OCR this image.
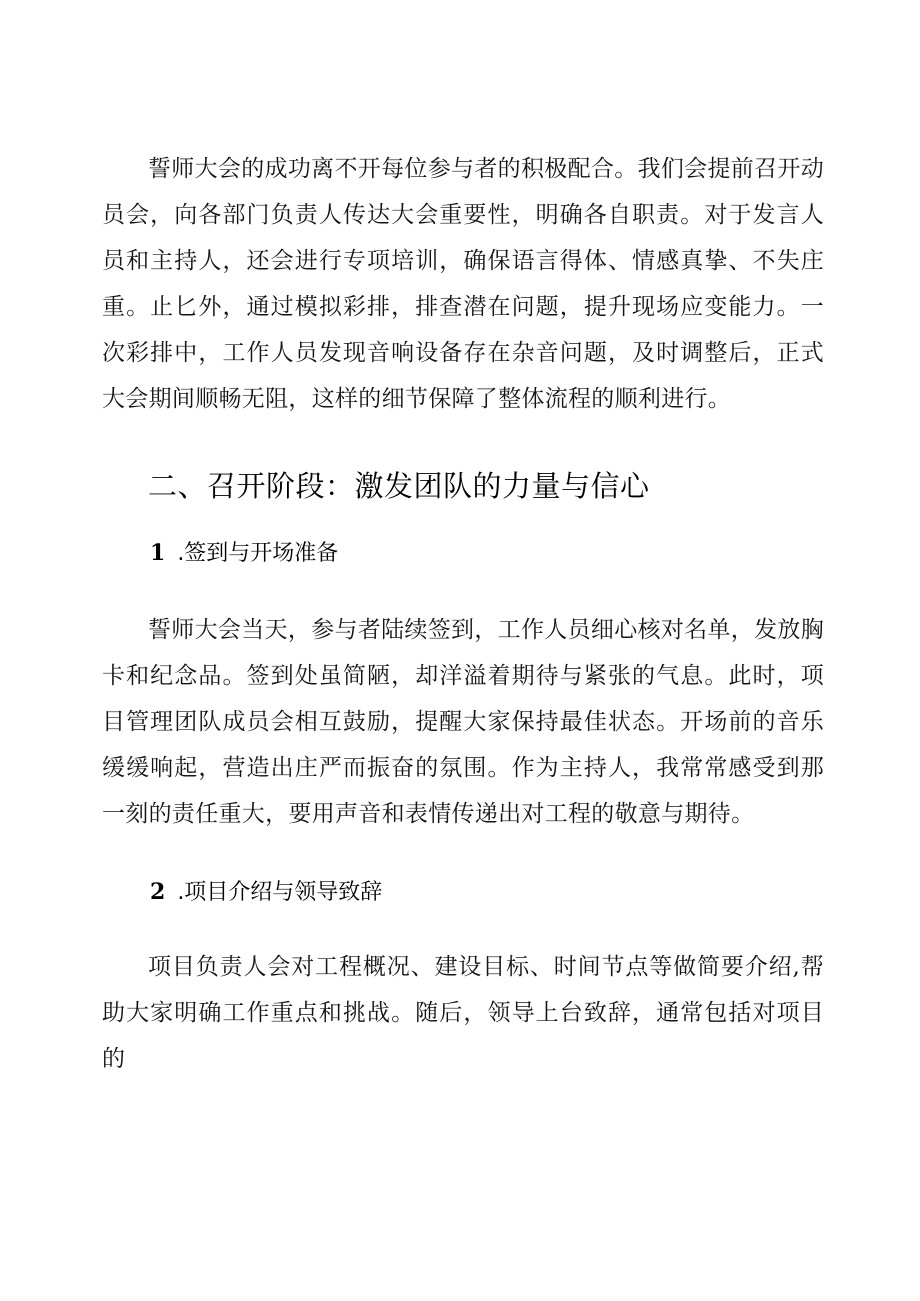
誓师大会的成功离不开每位参与者的积极配合。我们会提前召开动员会，向各部门负责人传达大会重要性，明确各自职责。对于发言人员和主持人，还会进行专项培训，确保语言得体、情感真挚、不失庄重。止匕外，通过模拟彩排，排查潜在问题，提升现场应变能力。一次彩排中，工作人员发现音响设备存在杂音问题，及时调整后，正式大会期间顺畅无阻，这样的细节保障了整体流程的顺利进行。

二、召开阶段：激发团队的力量与信心
1 .签到与开场准备

誓师大会当天，参与者陆续签到，工作人员细心核对名单，发放胸卡和纪念品。签到处虽简陋，却洋溢着期待与紧张的气息。此时，项目管理团队成员会相互鼓励，提醒大家保持最佳状态。开场前的音乐缓缓响起，营造出庄严而振奋的氛围。作为主持人，我常常感受到那一刻的责任重大，要用声音和表情传递出对工程的敬意与期待。

2 .项目介绍与领导致辞

项目负责人会对工程概况、建设目标、时间节点等做简要介绍,帮助大家明确工作重点和挑战。随后，领导上台致辞，通常包括对项目的
